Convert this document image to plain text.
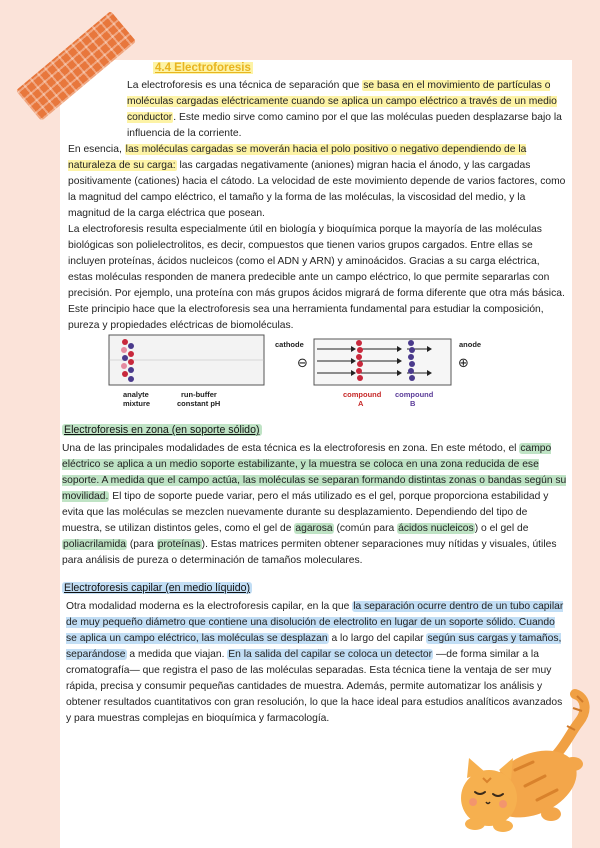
4.4 Electroforesis
La electroforesis es una técnica de separación que se basa en el movimiento de partículas o moléculas cargadas eléctricamente cuando se aplica un campo eléctrico a través de un medio conductor. Este medio sirve como camino por el que las moléculas pueden desplazarse bajo la influencia de la corriente.
En esencia, las moléculas cargadas se moverán hacia el polo positivo o negativo dependiendo de la naturaleza de su carga: las cargadas negativamente (aniones) migran hacia el ánodo, y las cargadas positivamente (cationes) hacia el cátodo. La velocidad de este movimiento depende de varios factores, como la magnitud del campo eléctrico, el tamaño y la forma de las moléculas, la viscosidad del medio, y la magnitud de la carga eléctrica que posean.
La electroforesis resulta especialmente útil en biología y bioquímica porque la mayoría de las moléculas biológicas son polielectrolitos, es decir, compuestos que tienen varios grupos cargados. Entre ellas se incluyen proteínas, ácidos nucleicos (como el ADN y ARN) y aminoácidos. Gracias a su carga eléctrica, estas moléculas responden de manera predecible ante un campo eléctrico, lo que permite separarlas con precisión. Por ejemplo, una proteína con más grupos ácidos migrará de forma diferente que otra más básica. Este principio hace que la electroforesis sea una herramienta fundamental para estudiar la composición, pureza y propiedades eléctricas de biomoléculas.
analyte
mixture
run-buffer
constant pH
cathode
⊖
anode
⊕
compound
A
compound
B
Electroforesis en zona (en soporte sólido)
Una de las principales modalidades de esta técnica es la electroforesis en zona. En este método, el campo eléctrico se aplica a un medio soporte estabilizante, y la muestra se coloca en una zona reducida de ese soporte. A medida que el campo actúa, las moléculas se separan formando distintas zonas o bandas según su movilidad. El tipo de soporte puede variar, pero el más utilizado es el gel, porque proporciona estabilidad y evita que las moléculas se mezclen nuevamente durante su desplazamiento. Dependiendo del tipo de muestra, se utilizan distintos geles, como el gel de agarosa (común para ácidos nucleicos) o el gel de poliacrilamida (para proteínas). Estas matrices permiten obtener separaciones muy nítidas y visuales, útiles para análisis de pureza o determinación de tamaños moleculares.
Electroforesis capilar (en medio líquido)
Otra modalidad moderna es la electroforesis capilar, en la que la separación ocurre dentro de un tubo capilar de muy pequeño diámetro que contiene una disolución de electrolito en lugar de un soporte sólido. Cuando se aplica un campo eléctrico, las moléculas se desplazan a lo largo del capilar según sus cargas y tamaños, separándose a medida que viajan. En la salida del capilar se coloca un detector —de forma similar a la cromatografía— que registra el paso de las moléculas separadas. Esta técnica tiene la ventaja de ser muy rápida, precisa y consumir pequeñas cantidades de muestra. Además, permite automatizar los análisis y obtener resultados cuantitativos con gran resolución, lo que la hace ideal para estudios analíticos avanzados y para muestras complejas en bioquímica y farmacología.
